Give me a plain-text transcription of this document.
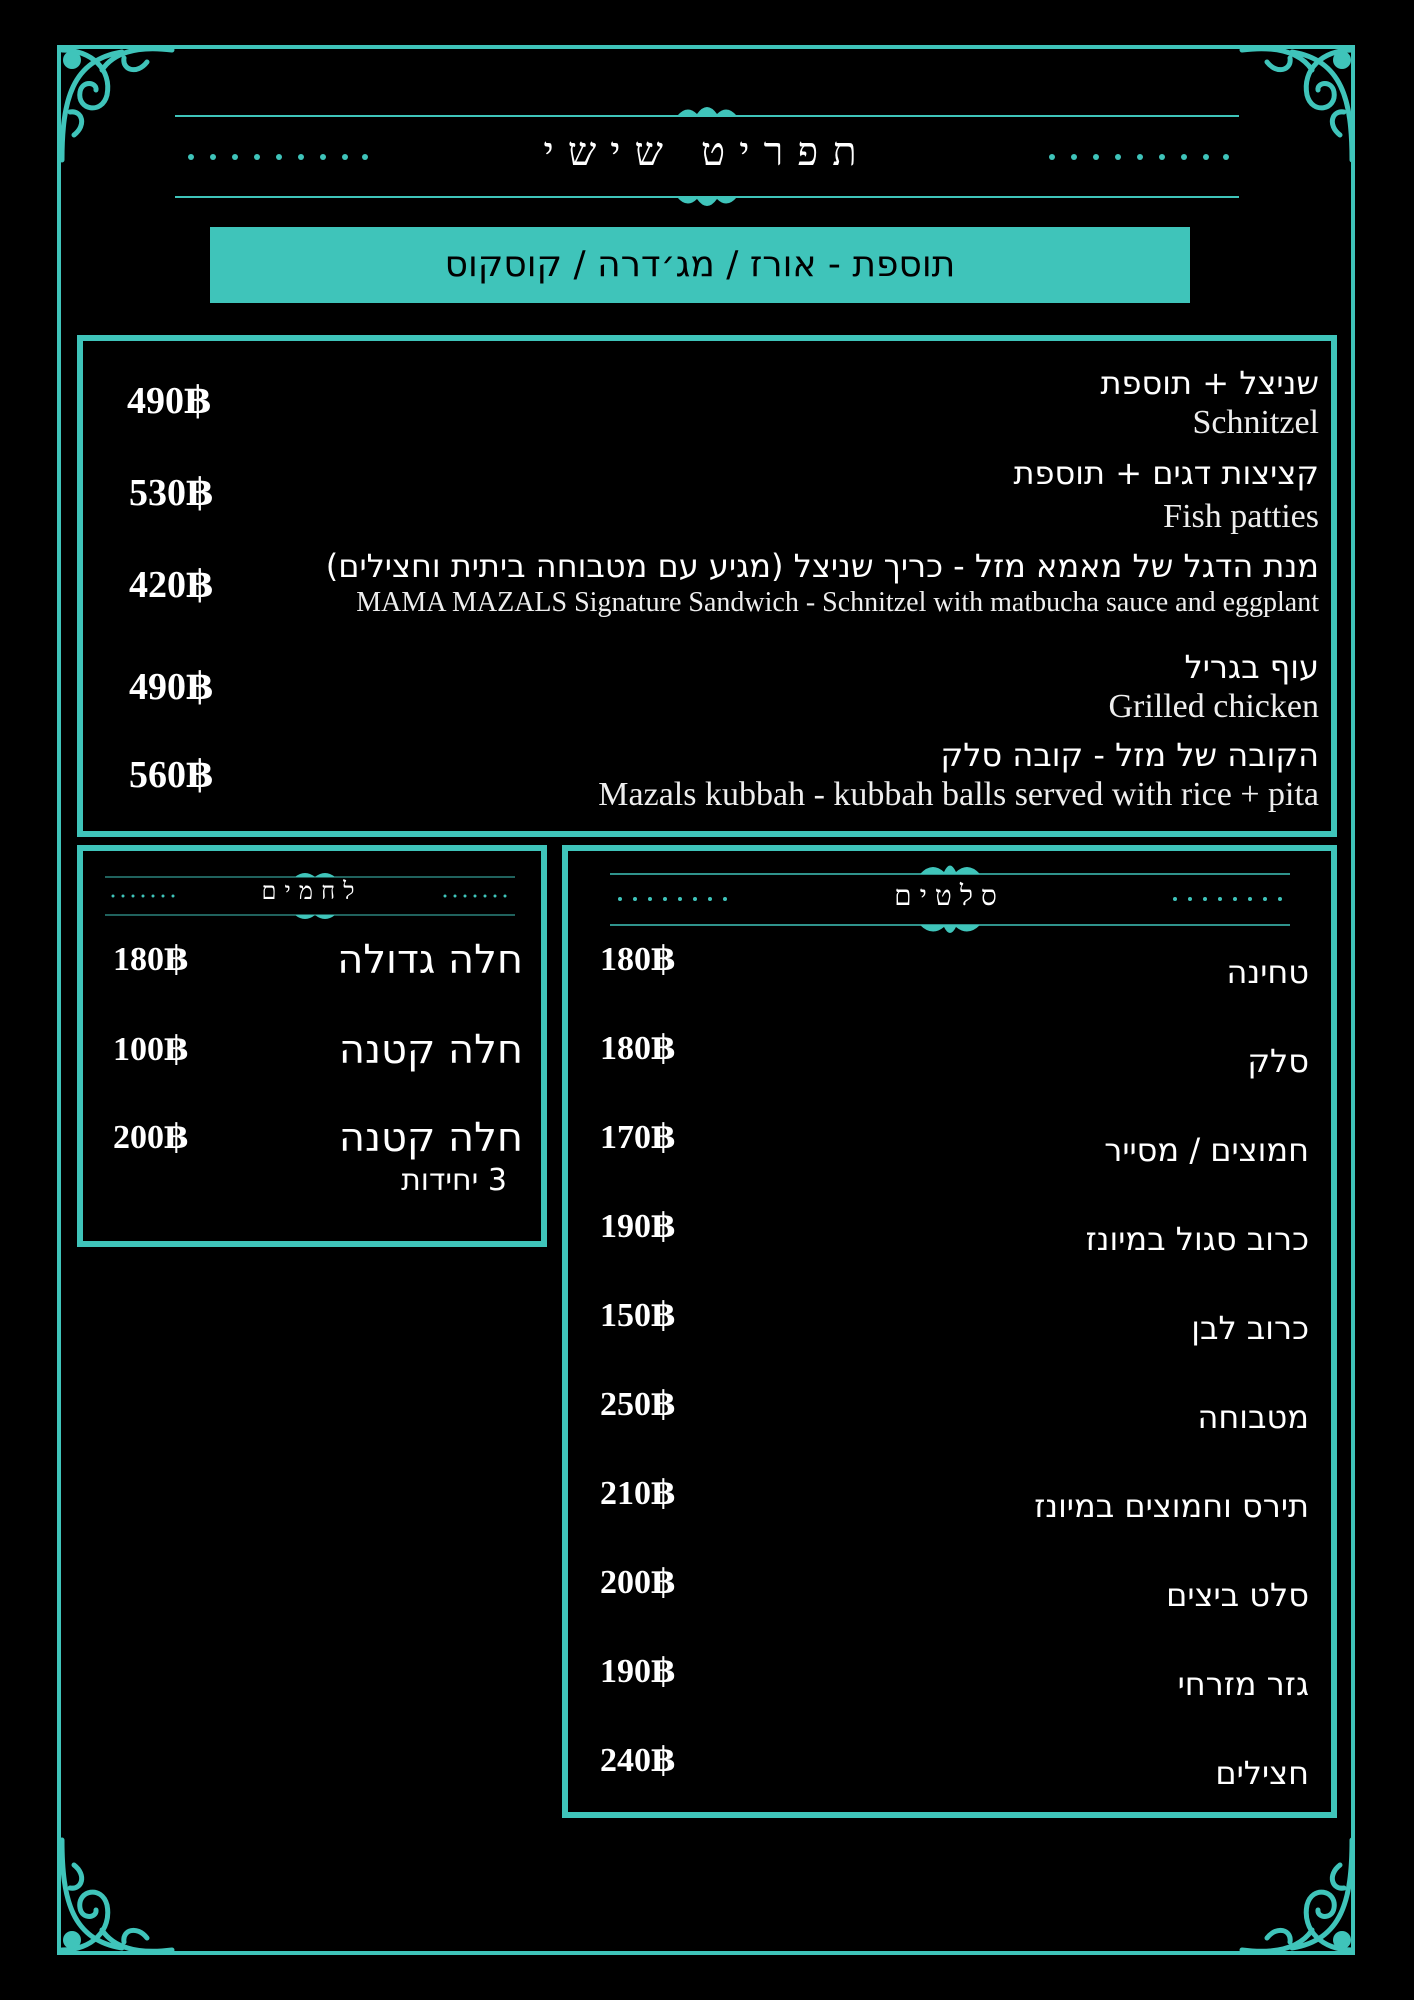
תפריט שישי
תוספת - אורז / מג׳דרה / קוסקוס
שניצל + תוספת
Schnitzel
490฿
קציצות דגים + תוספת
Fish patties
530฿
מנת הדגל של מאמא מזל - כריך שניצל (מגיע עם מטבוחה ביתית וחצילים)
MAMA MAZALS Signature Sandwich - Schnitzel with matbucha sauce and eggplant
420฿
עוף בגריל
Grilled chicken
490฿
הקובה של מזל - קובה סלק
Mazals kubbah - kubbah balls served with rice + pita
560฿
לחמים
חלה גדולה
180฿
חלה קטנה
100฿
חלה קטנה
3 יחידות
200฿
סלטים
טחינה
180฿
סלק
180฿
חמוצים / מסייר
170฿
כרוב סגול במיונז
190฿
כרוב לבן
150฿
מטבוחה
250฿
תירס וחמוצים במיונז
210฿
סלט ביצים
200฿
גזר מזרחי
190฿
חצילים
240฿
